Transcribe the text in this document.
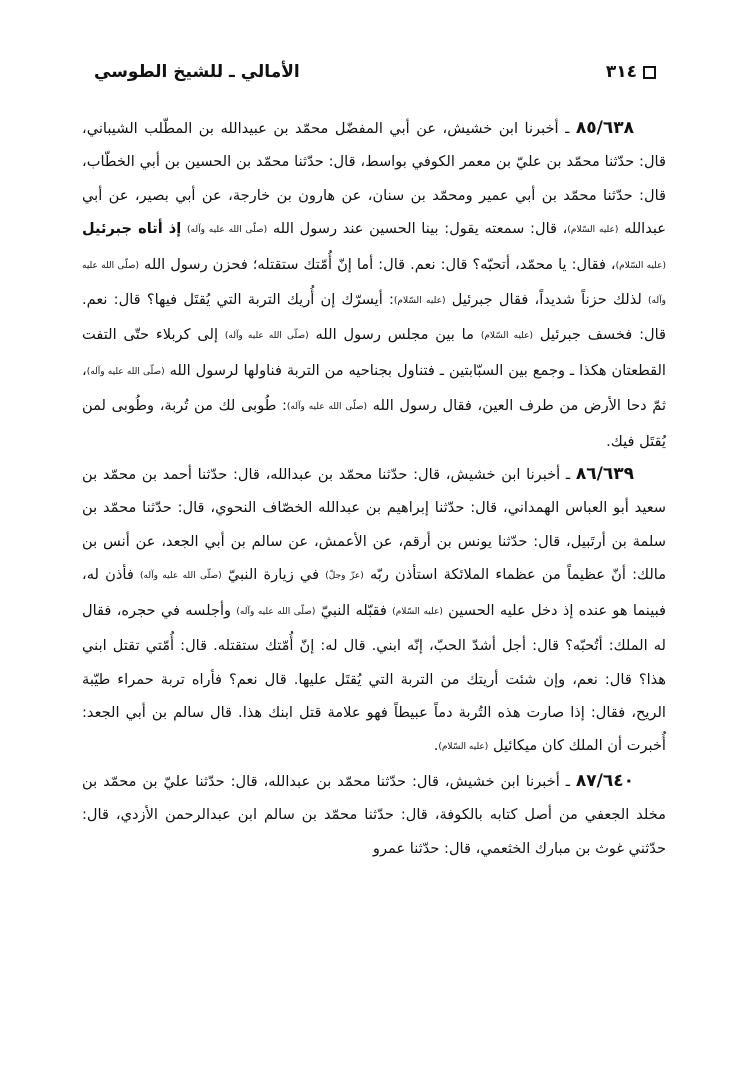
٣١٤
الأمالي ـ للشيخ الطوسي

٨٥/٦٣٨ ـ أخبرنا ابن خشيش، عن أبي المفضّل محمّد بن عبيدالله بن المطّلب الشيباني، قال: حدّثنا محمّد بن عليّ بن معمر الكوفي بواسط، قال: حدّثنا محمّد بن الحسين بن أبي الخطّاب، قال: حدّثنا محمّد بن أبي عمير ومحمّد بن سنان، عن هارون بن خارجة، عن أبي بصير، عن أبي عبدالله (عليه السّلام)، قال: سمعته يقول: بينا الحسين عند رسول الله (صلّى الله عليه وآله) إذ أتاه جبرئيل (عليه السّلام)، فقال: يا محمّد، أتحبّه؟ قال: نعم. قال: أما إنّ أُمّتك ستقتله؛ فحزن رسول الله (صلّى الله عليه وآله) لذلك حزناً شديداً، فقال جبرئيل (عليه السّلام): أيسرّك إن أُريك التربة التي يُقتَل فيها؟ قال: نعم. قال: فخسف جبرئيل (عليه السّلام) ما بين مجلس رسول الله (صلّى الله عليه وآله) إلى كربلاء حتّى التفت القطعتان هكذا ـ وجمع بين السبّابتين ـ فتناول بجناحيه من التربة فناولها لرسول الله (صلّى الله عليه وآله)، ثمّ دحا الأرض من طرف العين، فقال رسول الله (صلّى الله عليه وآله): طُوبى لك من تُربة، وطُوبى لمن يُقتَل فيك.

٨٦/٦٣٩ ـ أخبرنا ابن خشيش، قال: حدّثنا محمّد بن عبدالله، قال: حدّثنا أحمد بن محمّد بن سعيد أبو العباس الهمداني، قال: حدّثنا إبراهيم بن عبدالله الخصّاف النحوي، قال: حدّثنا محمّد بن سلمة بن أرتَبيل، قال: حدّثنا يونس بن أرقم، عن الأعمش، عن سالم بن أبي الجعد، عن أنس بن مالك: أنّ عظيماً من عظماء الملائكة استأذن ربّه (عزّ وجلّ) في زيارة النبيّ (صلّى الله عليه وآله) فأذن له، فبينما هو عنده إذ دخل عليه الحسين (عليه السّلام) فقبّله النبيّ (صلّى الله عليه وآله) وأجلسه في حجره، فقال له الملك: أتُحبّه؟ قال: أجل أشدّ الحبّ، إنّه ابني. قال له: إنّ أُمّتك ستقتله. قال: أُمّتي تقتل ابني هذا؟ قال: نعم، وإن شئت أريتك من التربة التي يُقتَل عليها. قال نعم؟ فأراه تربة حمراء طيّبة الريح، فقال: إذا صارت هذه التُربة دماً عبيطاً فهو علامة قتل ابنك هذا. قال سالم بن أبي الجعد: أُخبرت أن الملك كان ميكائيل (عليه السّلام).

٨٧/٦٤٠ ـ أخبرنا ابن خشيش، قال: حدّثنا محمّد بن عبدالله، قال: حدّثنا عليّ بن محمّد بن مخلد الجعفي من أصل كتابه بالكوفة، قال: حدّثنا محمّد بن سالم ابن عبدالرحمن الأزدي، قال: حدّثني غوث بن مبارك الخثعمي، قال: حدّثنا عمرو
